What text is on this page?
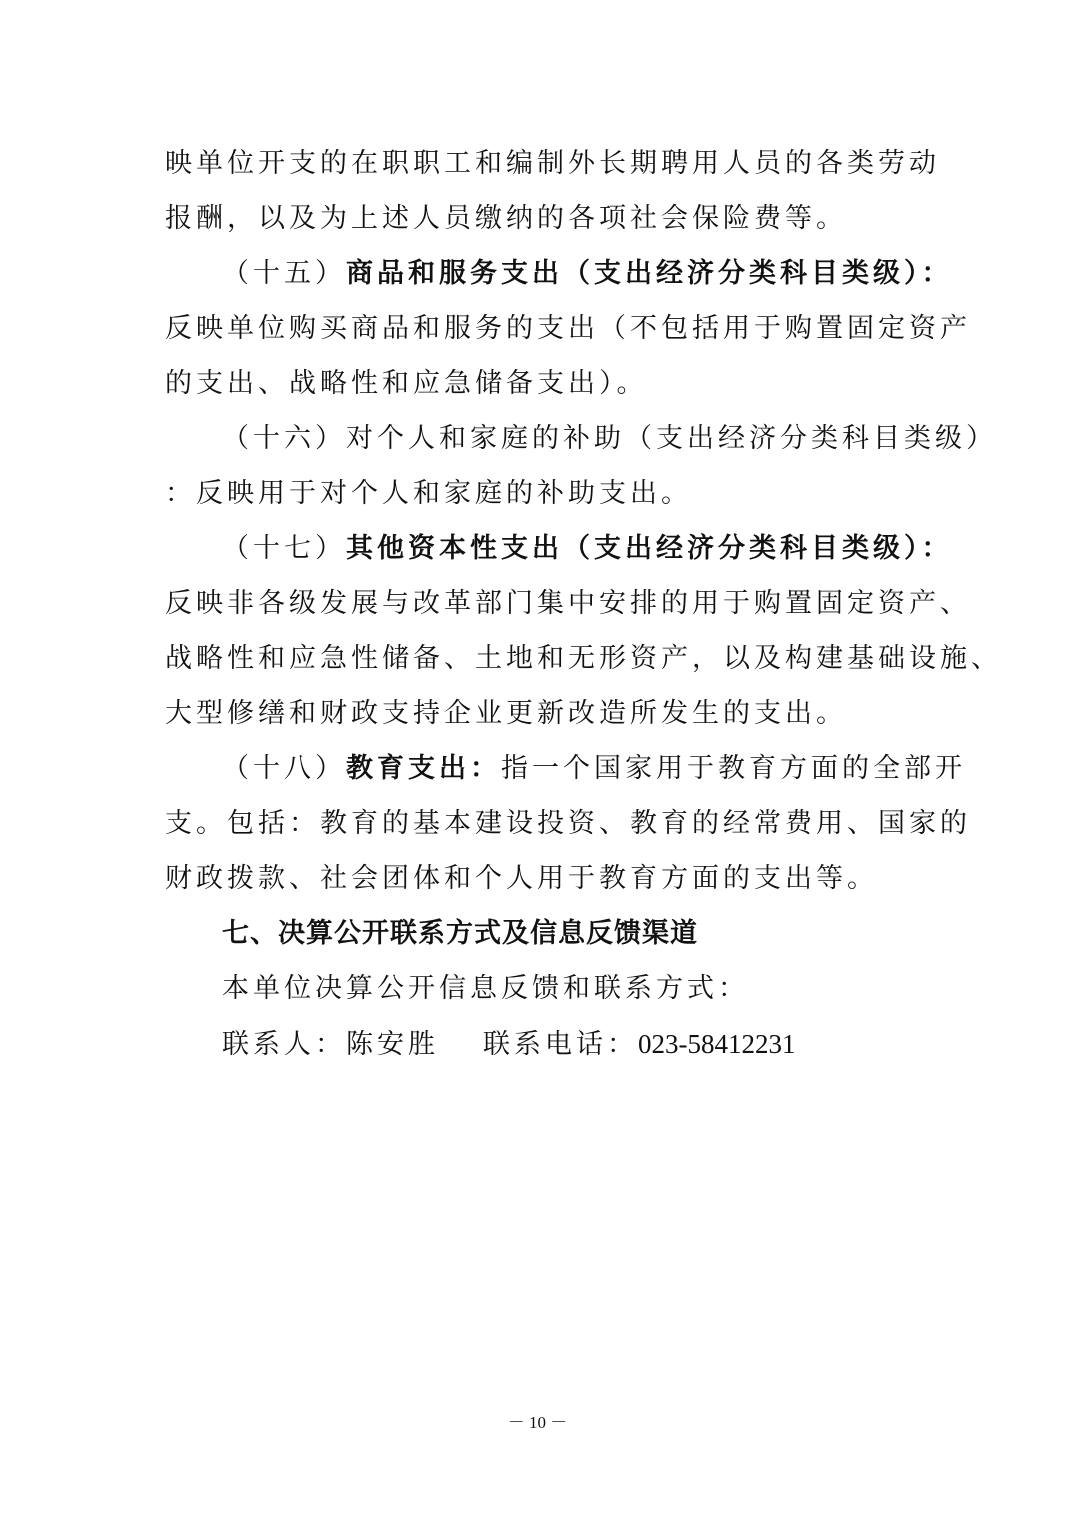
映单位开支的在职职工和编制外长期聘用人员的各类劳动
报酬，以及为上述人员缴纳的各项社会保险费等。
（十五）商品和服务支出（支出经济分类科目类级）：
反映单位购买商品和服务的支出（不包括用于购置固定资产
的支出、战略性和应急储备支出）。
（十六）对个人和家庭的补助（支出经济分类科目类级）
：反映用于对个人和家庭的补助支出。
（十七）其他资本性支出（支出经济分类科目类级）：
反映非各级发展与改革部门集中安排的用于购置固定资产、
战略性和应急性储备、土地和无形资产，以及构建基础设施、
大型修缮和财政支持企业更新改造所发生的支出。
（十八）教育支出：指一个国家用于教育方面的全部开
支。包括：教育的基本建设投资、教育的经常费用、国家的
财政拨款、社会团体和个人用于教育方面的支出等。
七、决算公开联系方式及信息反馈渠道
本单位决算公开信息反馈和联系方式：
联系人：陈安胜 联系电话：023-58412231
－ 10 －
